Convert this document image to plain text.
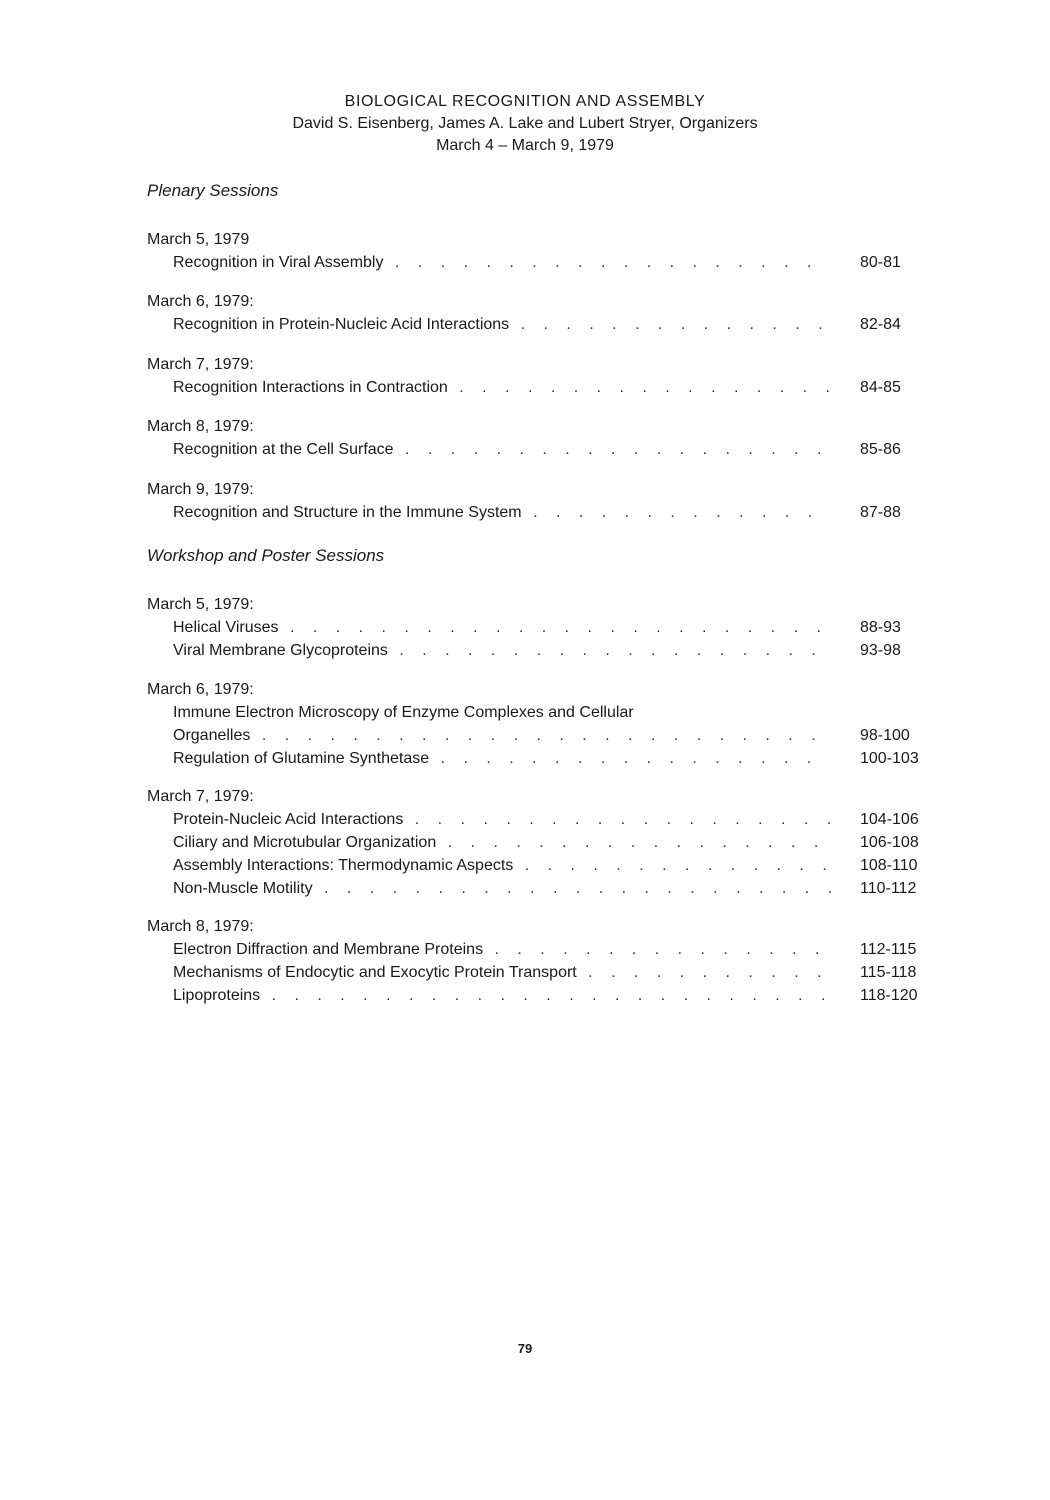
BIOLOGICAL RECOGNITION AND ASSEMBLY
David S. Eisenberg, James A. Lake and Lubert Stryer, Organizers
March 4 – March 9, 1979
Plenary Sessions
March 5, 1979
Recognition in Viral Assembly . . .	80-81
March 6, 1979:
Recognition in Protein-Nucleic Acid Interactions . . .	82-84
March 7, 1979:
Recognition Interactions in Contraction . . .	84-85
March 8, 1979:
Recognition at the Cell Surface . . .	85-86
March 9, 1979:
Recognition and Structure in the Immune System . . .	87-88
Workshop and Poster Sessions
March 5, 1979:
Helical Viruses . . .	88-93
Viral Membrane Glycoproteins . . .	93-98
March 6, 1979:
Immune Electron Microscopy of Enzyme Complexes and Cellular
Organelles . . .	98-100
Regulation of Glutamine Synthetase . . .	100-103
March 7, 1979:
Protein-Nucleic Acid Interactions . . .	104-106
Ciliary and Microtubular Organization . . .	106-108
Assembly Interactions: Thermodynamic Aspects . . .	108-110
Non-Muscle Motility . . .	110-112
March 8, 1979:
Electron Diffraction and Membrane Proteins . . .	112-115
Mechanisms of Endocytic and Exocytic Protein Transport . . .	115-118
Lipoproteins . . .	118-120
79
